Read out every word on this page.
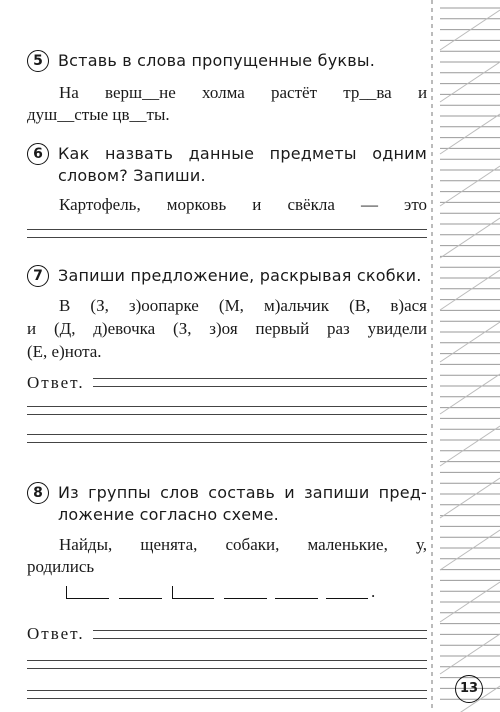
5 Вставь в слова пропущенные буквы.
На верш__не холма растёт тр__ва и
душ__стые цв__ты.
6 Как назвать данные предметы одним
словом? Запиши.
Картофель, морковь и свёкла — это
7 Запиши предложение, раскрывая скобки.
В (З, з)оопарке (М, м)альчик (В, в)ася
и (Д, д)евочка (З, з)оя первый раз увидели
(Е, е)нота.
Ответ.
8 Из группы слов составь и запиши пред-
ложение согласно схеме.
Найды, щенята, собаки, маленькие, у,
родились
.
Ответ.
13
